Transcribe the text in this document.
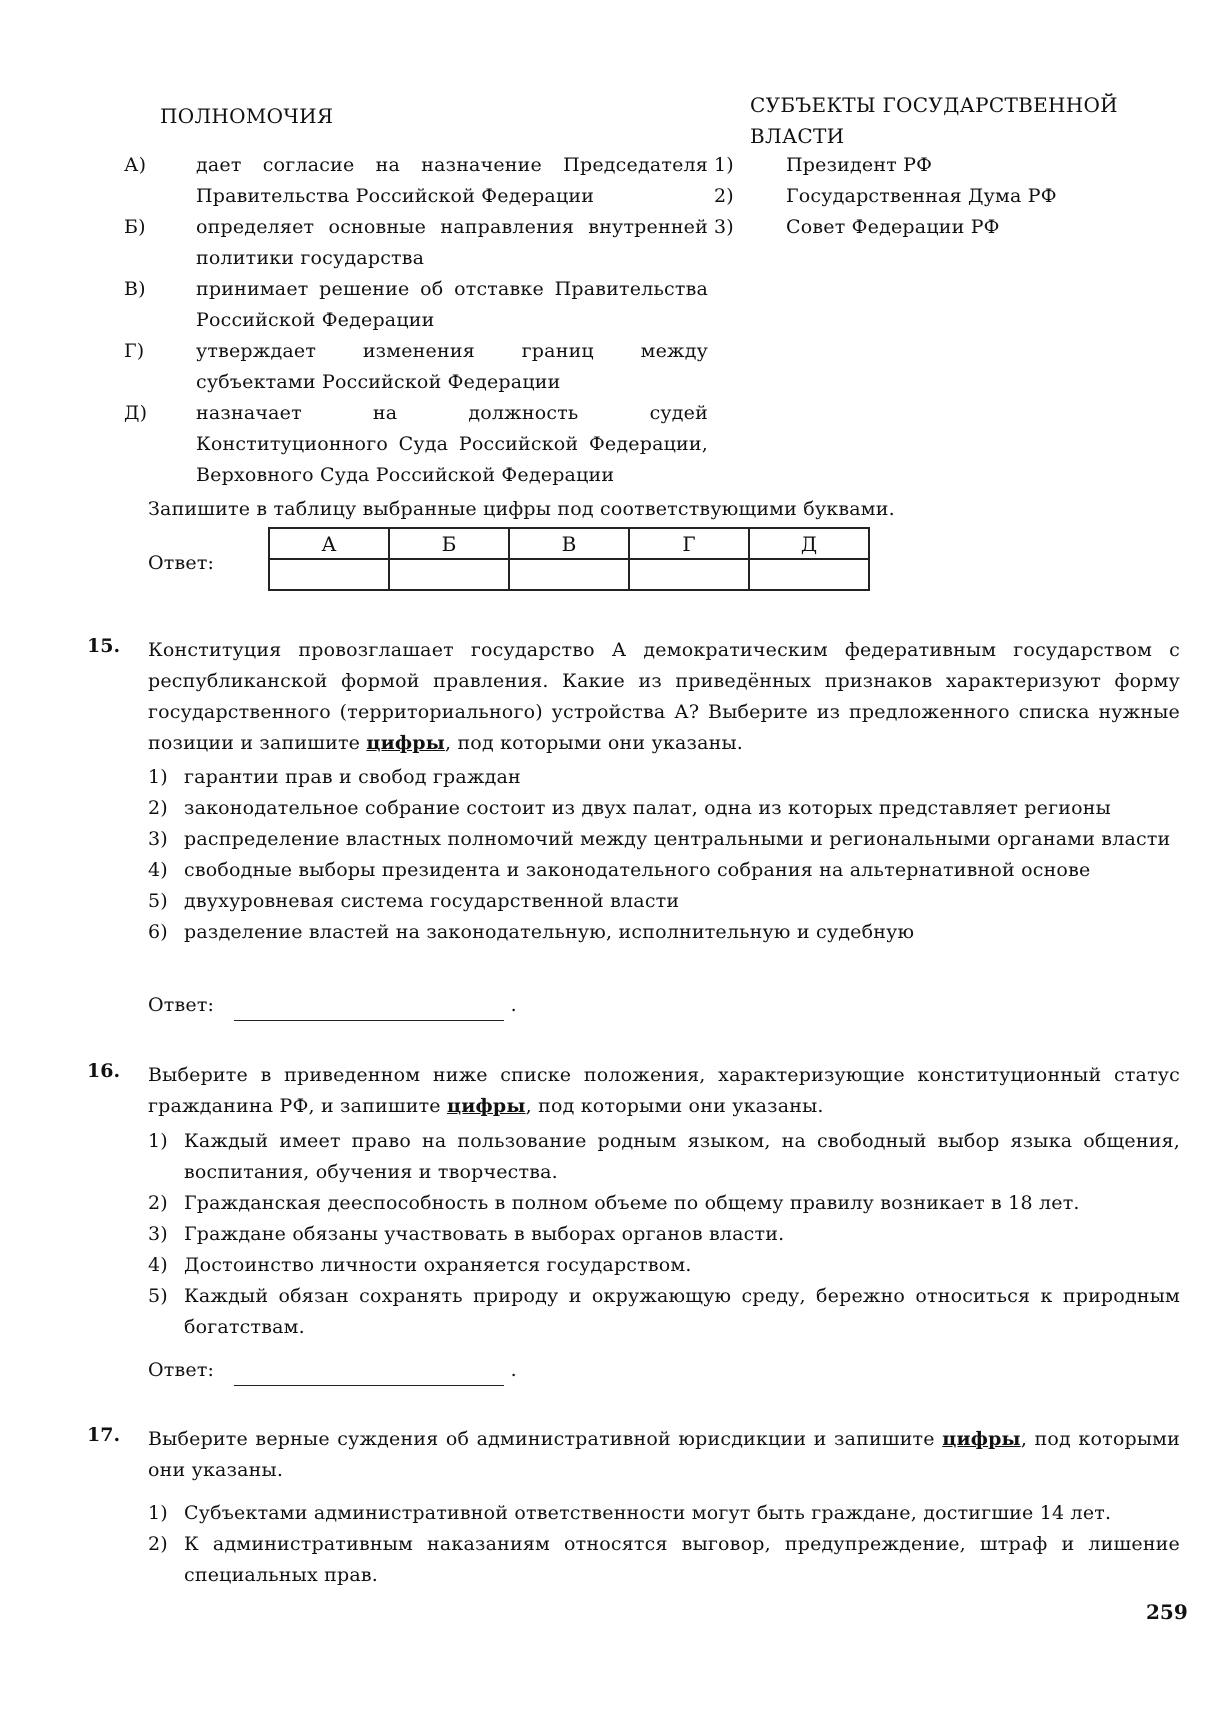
ПОЛНОМОЧИЯ	СУБЪЕКТЫ ГОСУДАРСТВЕННОЙ
ВЛАСТИ
А)	дает согласие на назначение Председателя Правительства Российской Федерации
Б)	определяет основные направления внутренней политики государства
В)	принимает решение об отставке Правительства Российской Федерации
Г)	утверждает изменения границ между субъектами Российской Федерации
Д)	назначает на должность судей Конституционного Суда Российской Федерации, Верховного Суда Российской Федерации
1)	Президент РФ
2)	Государственная Дума РФ
3)	Совет Федерации РФ
Запишите в таблицу выбранные цифры под соответствующими буквами.
Ответ:
А	Б	В	Г	Д

15. Конституция провозглашает государство А демократическим федеративным государством с республиканской формой правления. Какие из приведённых признаков характеризуют форму государственного (территориального) устройства А? Выберите из предложенного списка нужные позиции и запишите цифры, под которыми они указаны.
1) гарантии прав и свобод граждан
2) законодательное собрание состоит из двух палат, одна из которых представляет регионы
3) распределение властных полномочий между центральными и региональными органами власти
4) свободные выборы президента и законодательного собрания на альтернативной основе
5) двухуровневая система государственной власти
6) разделение властей на законодательную, исполнительную и судебную
Ответ:	.
16. Выберите в приведенном ниже списке положения, характеризующие конституционный статус гражданина РФ, и запишите цифры, под которыми они указаны.
1) Каждый имеет право на пользование родным языком, на свободный выбор языка общения, воспитания, обучения и творчества.
2) Гражданская дееспособность в полном объеме по общему правилу возникает в 18 лет.
3) Граждане обязаны участвовать в выборах органов власти.
4) Достоинство личности охраняется государством.
5) Каждый обязан сохранять природу и окружающую среду, бережно относиться к природным богатствам.
Ответ:	.
17. Выберите верные суждения об административной юрисдикции и запишите цифры, под которыми они указаны.
1) Субъектами административной ответственности могут быть граждане, достигшие 14 лет.
2) К административным наказаниям относятся выговор, предупреждение, штраф и лишение специальных прав.
259
